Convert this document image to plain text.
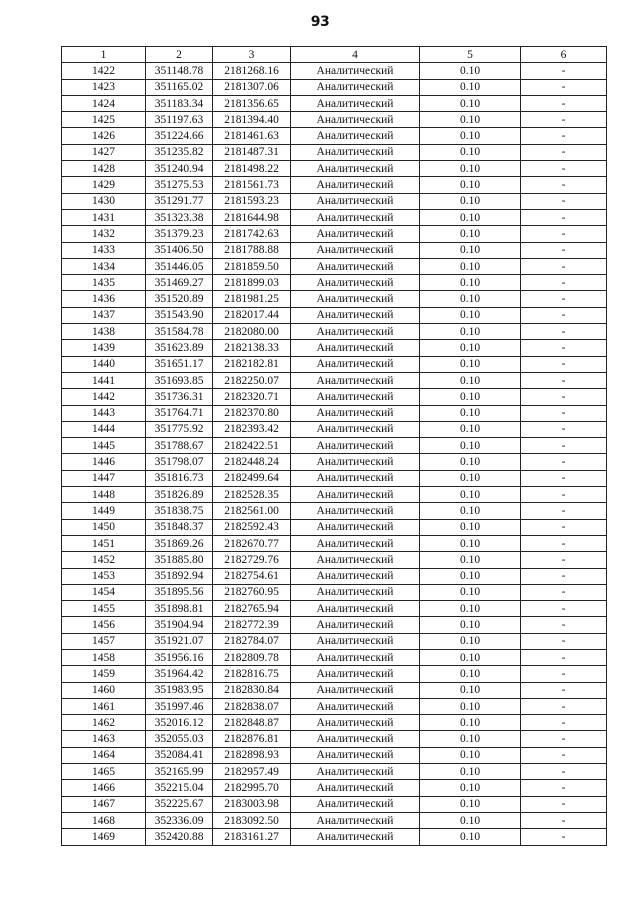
93
1	2	3	4	5	6
1422	351148.78	2181268.16	Аналитический	0.10	-
1423	351165.02	2181307.06	Аналитический	0.10	-
1424	351183.34	2181356.65	Аналитический	0.10	-
1425	351197.63	2181394.40	Аналитический	0.10	-
1426	351224.66	2181461.63	Аналитический	0.10	-
1427	351235.82	2181487.31	Аналитический	0.10	-
1428	351240.94	2181498.22	Аналитический	0.10	-
1429	351275.53	2181561.73	Аналитический	0.10	-
1430	351291.77	2181593.23	Аналитический	0.10	-
1431	351323.38	2181644.98	Аналитический	0.10	-
1432	351379.23	2181742.63	Аналитический	0.10	-
1433	351406.50	2181788.88	Аналитический	0.10	-
1434	351446.05	2181859.50	Аналитический	0.10	-
1435	351469.27	2181899.03	Аналитический	0.10	-
1436	351520.89	2181981.25	Аналитический	0.10	-
1437	351543.90	2182017.44	Аналитический	0.10	-
1438	351584.78	2182080.00	Аналитический	0.10	-
1439	351623.89	2182138.33	Аналитический	0.10	-
1440	351651.17	2182182.81	Аналитический	0.10	-
1441	351693.85	2182250.07	Аналитический	0.10	-
1442	351736.31	2182320.71	Аналитический	0.10	-
1443	351764.71	2182370.80	Аналитический	0.10	-
1444	351775.92	2182393.42	Аналитический	0.10	-
1445	351788.67	2182422.51	Аналитический	0.10	-
1446	351798.07	2182448.24	Аналитический	0.10	-
1447	351816.73	2182499.64	Аналитический	0.10	-
1448	351826.89	2182528.35	Аналитический	0.10	-
1449	351838.75	2182561.00	Аналитический	0.10	-
1450	351848.37	2182592.43	Аналитический	0.10	-
1451	351869.26	2182670.77	Аналитический	0.10	-
1452	351885.80	2182729.76	Аналитический	0.10	-
1453	351892.94	2182754.61	Аналитический	0.10	-
1454	351895.56	2182760.95	Аналитический	0.10	-
1455	351898.81	2182765.94	Аналитический	0.10	-
1456	351904.94	2182772.39	Аналитический	0.10	-
1457	351921.07	2182784.07	Аналитический	0.10	-
1458	351956.16	2182809.78	Аналитический	0.10	-
1459	351964.42	2182816.75	Аналитический	0.10	-
1460	351983.95	2182830.84	Аналитический	0.10	-
1461	351997.46	2182838.07	Аналитический	0.10	-
1462	352016.12	2182848.87	Аналитический	0.10	-
1463	352055.03	2182876.81	Аналитический	0.10	-
1464	352084.41	2182898.93	Аналитический	0.10	-
1465	352165.99	2182957.49	Аналитический	0.10	-
1466	352215.04	2182995.70	Аналитический	0.10	-
1467	352225.67	2183003.98	Аналитический	0.10	-
1468	352336.09	2183092.50	Аналитический	0.10	-
1469	352420.88	2183161.27	Аналитический	0.10	-
